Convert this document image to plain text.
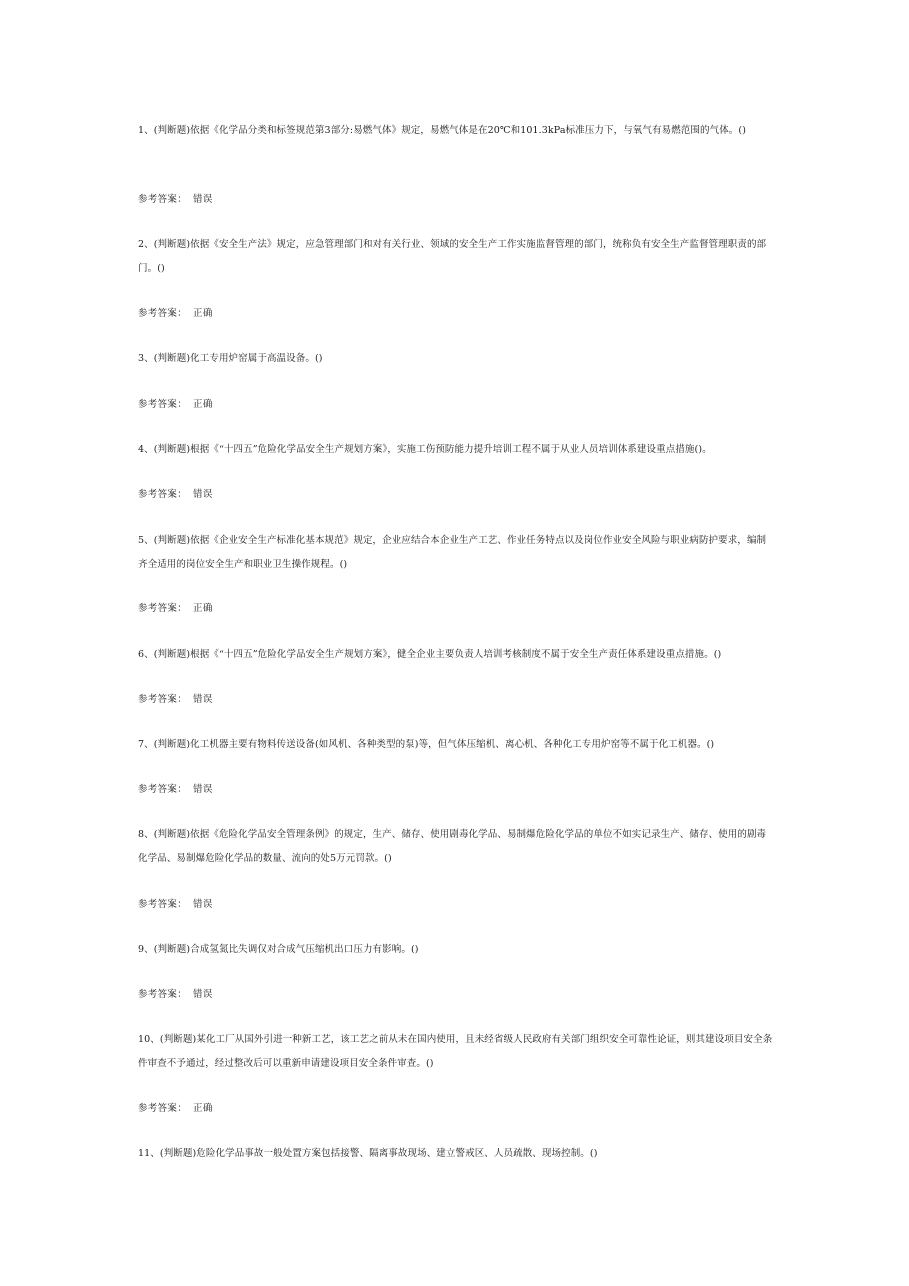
1、(判断题)依据《化学品分类和标签规范第3部分:易燃气体》规定，易燃气体是在20℃和101.3kPa标准压力下，与氧气有易燃范围的气体。()

参考答案： 错误

2、(判断题)依据《安全生产法》规定，应急管理部门和对有关行业、领域的安全生产工作实施监督管理的部门，统称负有安全生产监督管理职责的部门。()

参考答案： 正确

3、(判断题)化工专用炉窑属于高温设备。()

参考答案： 正确

4、(判断题)根据《“十四五”危险化学品安全生产规划方案》，实施工伤预防能力提升培训工程不属于从业人员培训体系建设重点措施()。

参考答案： 错误

5、(判断题)依据《企业安全生产标准化基本规范》规定，企业应结合本企业生产工艺、作业任务特点以及岗位作业安全风险与职业病防护要求，编制齐全适用的岗位安全生产和职业卫生操作规程。()

参考答案： 正确

6、(判断题)根据《“十四五”危险化学品安全生产规划方案》，健全企业主要负责人培训考核制度不属于安全生产责任体系建设重点措施。()

参考答案： 错误

7、(判断题)化工机器主要有物料传送设备(如风机、各种类型的泵)等，但气体压缩机、离心机、各种化工专用炉窑等不属于化工机器。()

参考答案： 错误

8、(判断题)依据《危险化学品安全管理条例》的规定，生产、储存、使用剧毒化学品、易制爆危险化学品的单位不如实记录生产、储存、使用的剧毒化学品、易制爆危险化学品的数量、流向的处5万元罚款。()

参考答案： 错误

9、(判断题)合成氢氮比失调仅对合成气压缩机出口压力有影响。()

参考答案： 错误

10、(判断题)某化工厂从国外引进一种新工艺，该工艺之前从未在国内使用，且未经省级人民政府有关部门组织安全可靠性论证，则其建设项目安全条件审查不予通过，经过整改后可以重新申请建设项目安全条件审查。()

参考答案： 正确

11、(判断题)危险化学品事故一般处置方案包括接警、隔离事故现场、建立警戒区、人员疏散、现场控制。()
